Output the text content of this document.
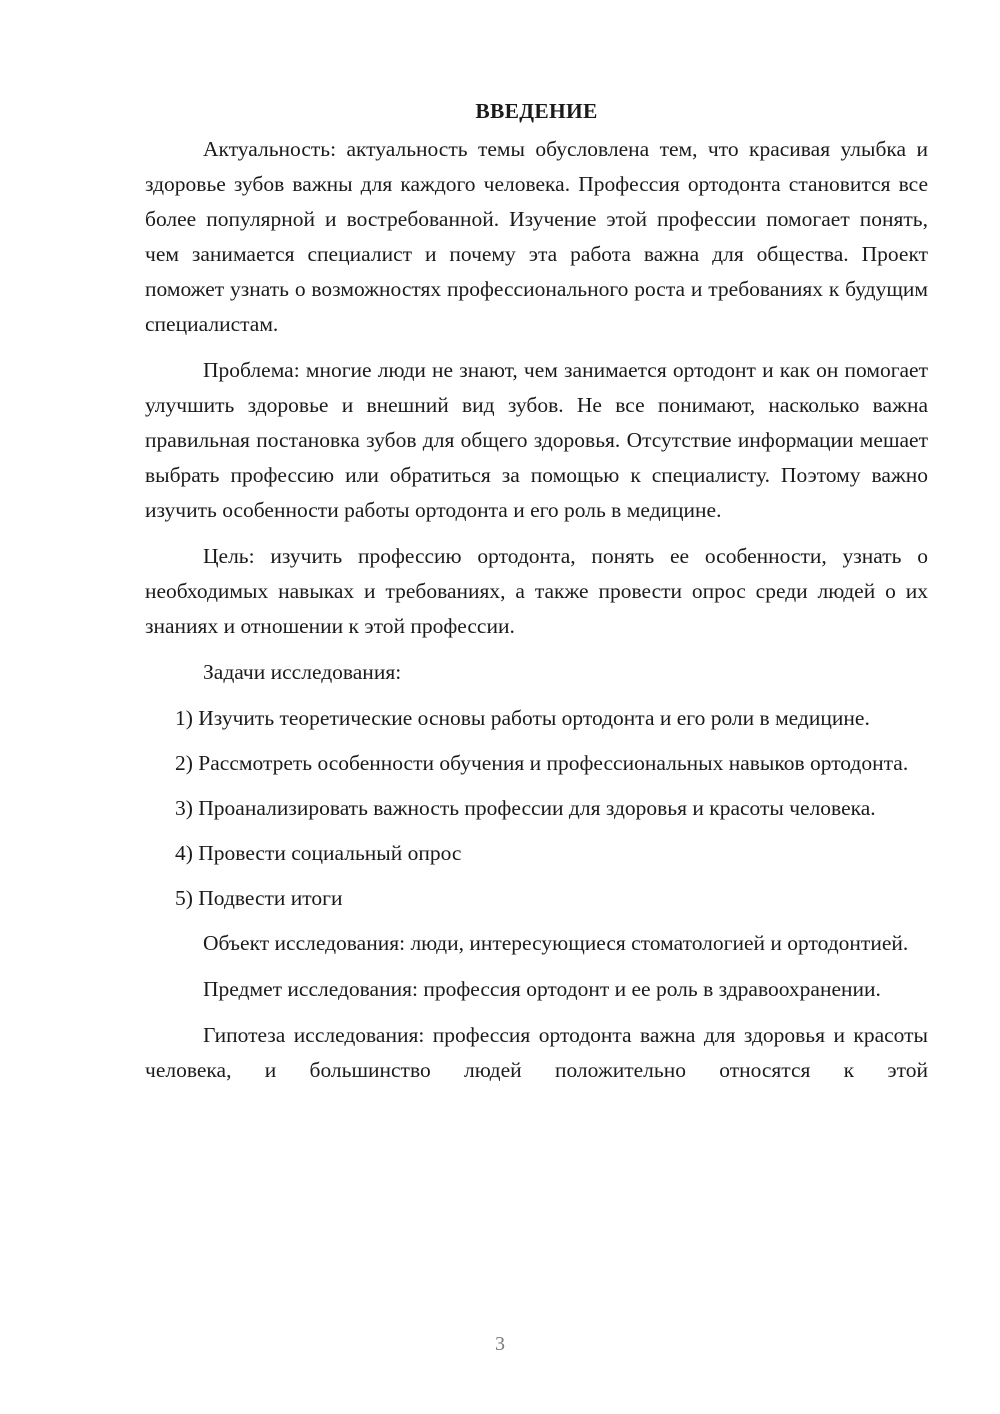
ВВЕДЕНИЕ

Актуальность: актуальность темы обусловлена тем, что красивая улыбка и здоровье зубов важны для каждого человека. Профессия ортодонта становится все более популярной и востребованной. Изучение этой профессии помогает понять, чем занимается специалист и почему эта работа важна для общества. Проект поможет узнать о возможностях профессионального роста и требованиях к будущим специалистам.

Проблема: многие люди не знают, чем занимается ортодонт и как он помогает улучшить здоровье и внешний вид зубов. Не все понимают, насколько важна правильная постановка зубов для общего здоровья. Отсутствие информации мешает выбрать профессию или обратиться за помощью к специалисту. Поэтому важно изучить особенности работы ортодонта и его роль в медицине.

Цель: изучить профессию ортодонта, понять ее особенности, узнать о необходимых навыках и требованиях, а также провести опрос среди людей о их знаниях и отношении к этой профессии.

Задачи исследования:

1) Изучить теоретические основы работы ортодонта и его роли в медицине.

2) Рассмотреть особенности обучения и профессиональных навыков ортодонта.

3) Проанализировать важность профессии для здоровья и красоты человека.

4) Провести социальный опрос

5) Подвести итоги

Объект исследования: люди, интересующиеся стоматологией и ортодонтией.

Предмет исследования: профессия ортодонт и ее роль в здравоохранении.

Гипотеза исследования: профессия ортодонта важна для здоровья и красоты человека, и большинство людей положительно относятся к этой

3
